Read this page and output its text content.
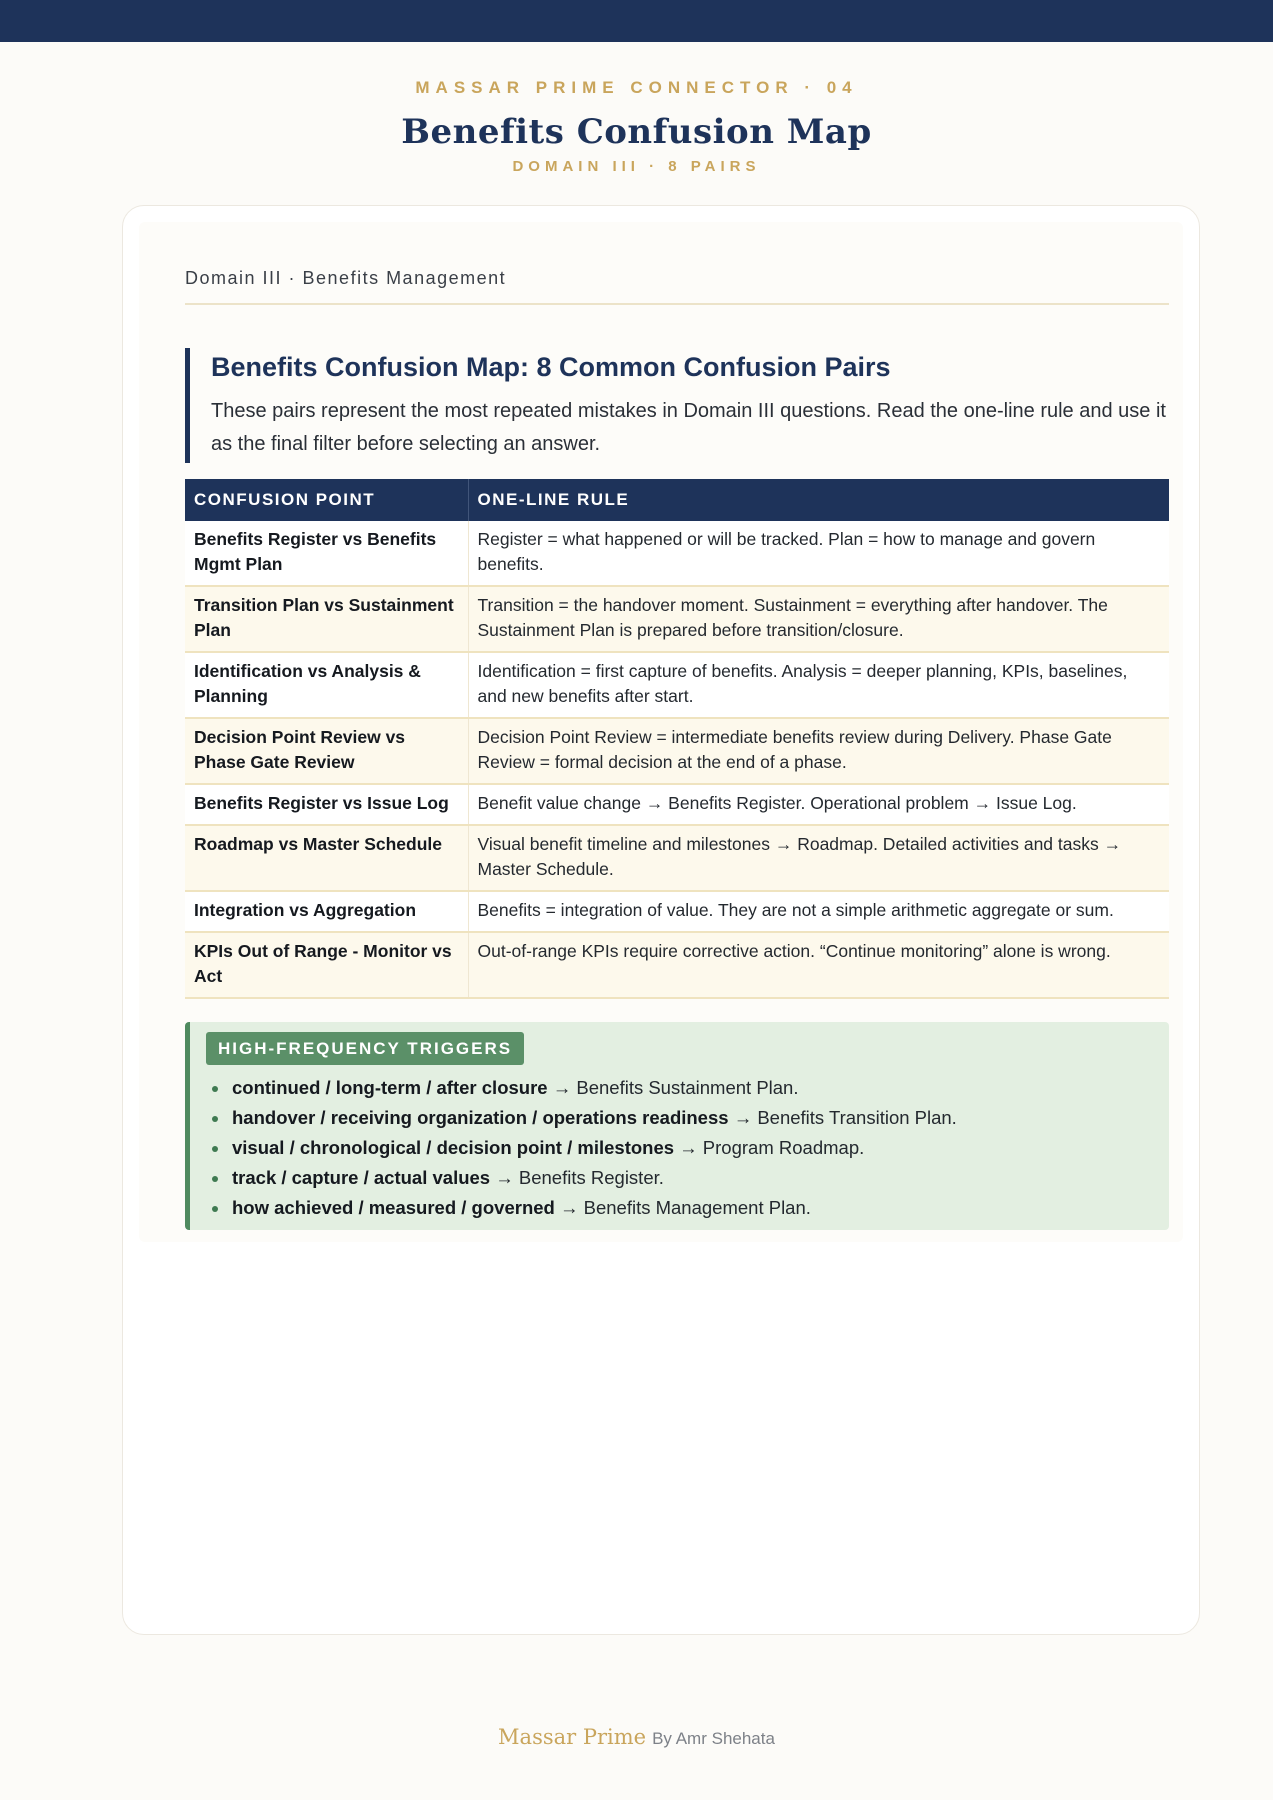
MASSAR PRIME CONNECTOR · 04
Benefits Confusion Map
DOMAIN III · 8 PAIRS
Domain III · Benefits Management
Benefits Confusion Map: 8 Common Confusion Pairs

These pairs represent the most repeated mistakes in Domain III questions. Read the one-line rule and use it as the final filter before selecting an answer.

CONFUSION POINT	ONE-LINE RULE
Benefits Register vs Benefits Mgmt Plan	Register = what happened or will be tracked. Plan = how to manage and govern benefits.
Transition Plan vs Sustainment Plan	Transition = the handover moment. Sustainment = everything after handover. The Sustainment Plan is prepared before transition/closure.
Identification vs Analysis & Planning	Identification = first capture of benefits. Analysis = deeper planning, KPIs, baselines, and new benefits after start.
Decision Point Review vs Phase Gate Review	Decision Point Review = intermediate benefits review during Delivery. Phase Gate Review = formal decision at the end of a phase.
Benefits Register vs Issue Log	Benefit value change → Benefits Register. Operational problem → Issue Log.
Roadmap vs Master Schedule	Visual benefit timeline and milestones → Roadmap. Detailed activities and tasks → Master Schedule.
Integration vs Aggregation	Benefits = integration of value. They are not a simple arithmetic aggregate or sum.
KPIs Out of Range - Monitor vs Act	Out-of-range KPIs require corrective action. “Continue monitoring” alone is wrong.
HIGH-FREQUENCY TRIGGERS
continued / long-term / after closure → Benefits Sustainment Plan.
handover / receiving organization / operations readiness → Benefits Transition Plan.
visual / chronological / decision point / milestones → Program Roadmap.
track / capture / actual values → Benefits Register.
how achieved / measured / governed → Benefits Management Plan.
Massar Prime By Amr Shehata
